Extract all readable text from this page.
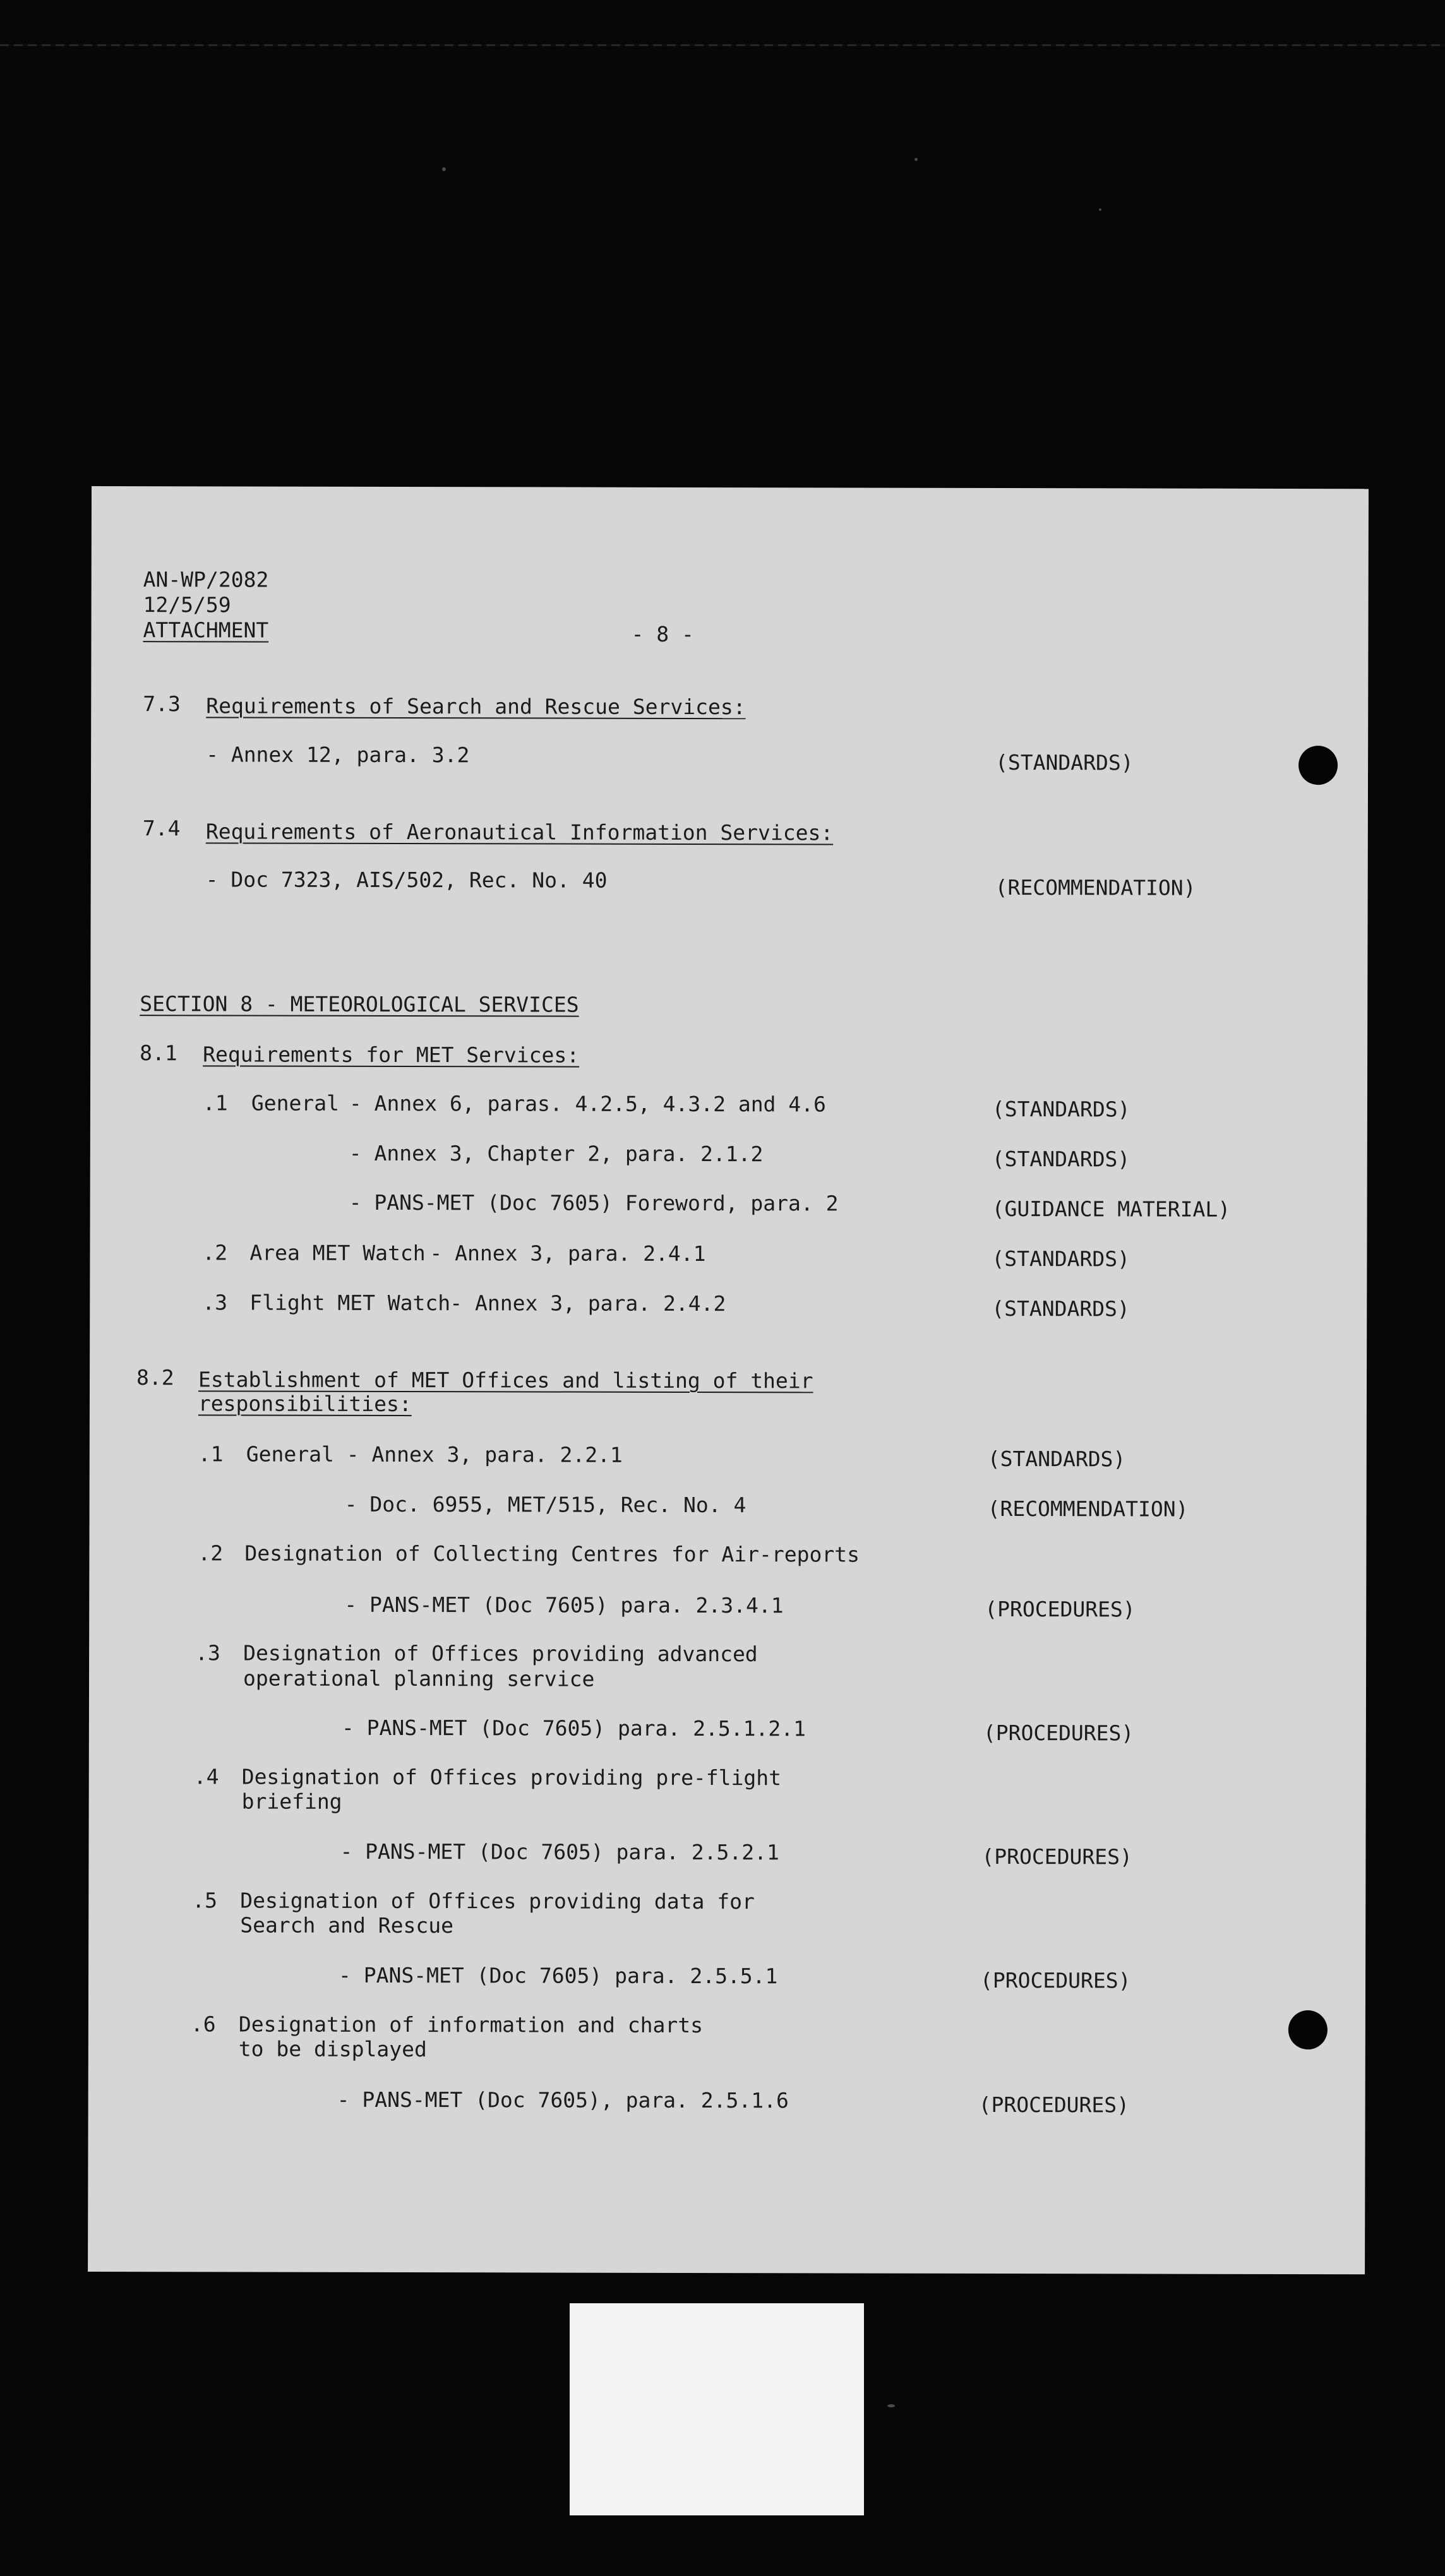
AN-WP/2082
12/5/59
ATTACHMENT	- 8 -
7.3 Requirements of Search and Rescue Services:
- Annex 12, para. 3.2	(STANDARDS)
7.4 Requirements of Aeronautical Information Services:
- Doc 7323, AIS/502, Rec. No. 40	(RECOMMENDATION)
SECTION 8 - METEOROLOGICAL SERVICES
8.1 Requirements for MET Services:
.1 General - Annex 6, paras. 4.2.5, 4.3.2 and 4.6	(STANDARDS)
- Annex 3, Chapter 2, para. 2.1.2	(STANDARDS)
- PANS-MET (Doc 7605) Foreword, para. 2	(GUIDANCE MATERIAL)
.2 Area MET Watch - Annex 3, para. 2.4.1	(STANDARDS)
.3 Flight MET Watch - Annex 3, para. 2.4.2	(STANDARDS)
8.2 Establishment of MET Offices and listing of their
responsibilities:
.1 General - Annex 3, para. 2.2.1	(STANDARDS)
- Doc. 6955, MET/515, Rec. No. 4	(RECOMMENDATION)
.2 Designation of Collecting Centres for Air-reports
- PANS-MET (Doc 7605) para. 2.3.4.1	(PROCEDURES)
.3 Designation of Offices providing advanced
operational planning service
- PANS-MET (Doc 7605) para. 2.5.1.2.1	(PROCEDURES)
.4 Designation of Offices providing pre-flight
briefing
- PANS-MET (Doc 7605) para. 2.5.2.1	(PROCEDURES)
.5 Designation of Offices providing data for
Search and Rescue
- PANS-MET (Doc 7605) para. 2.5.5.1	(PROCEDURES)
.6 Designation of information and charts
to be displayed
- PANS-MET (Doc 7605), para. 2.5.1.6	(PROCEDURES)
